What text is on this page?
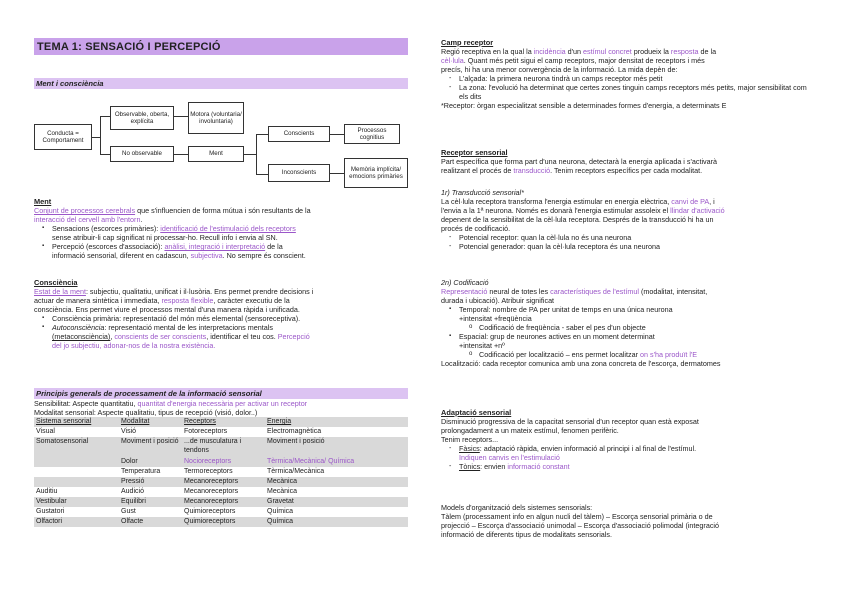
TEMA 1: SENSACIÓ I PERCEPCIÓ
Ment i consciència
Conducta = Comportament
Observable, oberta, explícita
No observable
Motora (voluntaria/ involuntaria)
Ment
Conscients
Inconscients
Processos cognitius
Memòria implícita/ emocions primàries
Ment
Conjunt de processos cerebrals que s'influencien de forma mútua i són resultants de la
interacció del cervell amb l'entorn.
▪ Sensacions (escorces primàries): identificació de l'estimulació dels receptors
sense atribuir-li cap significat ni processar-ho. Recull info i envia al SN.
▪ Percepció (escorces d'associació): anàlisi, integració i interpretació de la
informació sensorial, diferent en cadascun, subjectiva. No sempre és conscient.
Consciència
Estat de la ment: subjectiu, qualitatiu, unificat i il·lusòria. Ens permet prendre decisions i
actuar de manera sintètica i immediata, resposta flexible, caràcter executiu de la
consciència. Ens permet viure el processos mental d'una manera ràpida i unificada.
▪ Consciència primària: representació del món més elemental (sensoreceptiva).
▪ Autoconsciència: representació mental de les interpretacions mentals
(metaconsciència), conscients de ser conscients, identificar el teu cos. Percepció
del jo subjectiu, adonar-nos de la nostra existència.
Principis generals de processament de la informació sensorial
Sensibilitat: Aspecte quantitatiu, quantitat d'energia necessària per activar un receptor
Modalitat sensorial: Aspecte qualitatiu, tipus de recepció (visió, dolor..)
Sistema sensorial	Modalitat	Receptors	Energia
Visual	Visió	Fotoreceptors	Electromagnètica
Somatosensorial	Moviment i posició	...de musculatura i tendons	Moviment i posició
	Dolor	Nocioreceptors	Tèrmica/Mecànica/ Química
	Temperatura	Termoreceptors	Tèrmica/Mecànica
	Pressió	Mecanoreceptors	Mecànica
Auditiu	Audició	Mecanoreceptors	Mecànica
Vestibular	Equilibri	Mecanoreceptors	Gravetat
Gustatori	Gust	Quimioreceptors	Química
Olfactori	Olfacte	Quimioreceptors	Química
Camp receptor
Regió receptiva en la qual la incidència d'un estímul concret produeix la resposta de la
cèl·lula. Quant més petit sigui el camp receptors, major densitat de receptors i més
precís, hi ha una menor convergència de la informació. La mida depèn de:
- L'alçada: la primera neurona tindrà un camps receptor més petit
- La zona: l'evolució ha determinat que certes zones tinguin camps receptors més petits, major sensibilitat com els dits
*Receptor: òrgan especialitzat sensible a determinades formes d'energia, a determinats E
Receptor sensorial
Part específica que forma part d'una neurona, detectarà la energia aplicada i s'activarà
realitzant el procés de transducció. Tenim receptors específics per cada modalitat.
1r) Transducció sensorial*
La cèl·lula receptora transforma l'energia estimular en energia elèctrica, canvi de PA, i
l'envia a la 1ª neurona. Només es donarà l'energia estimular assoleix el llindar d'activació
depenent de la sensibilitat de la cèl·lula receptora. Després de la transducció hi ha un
procés de codificació.
- Potencial receptor: quan la cèl·lula no és una neurona
- Potencial generador: quan la cèl·lula receptora és una neurona
2n) Codificació
Representació neural de totes les característiques de l'estímul (modalitat, intensitat,
durada i ubicació). Atribuir significat
▪ Temporal: nombre de PA per unitat de temps en una única neurona
+intensitat +freqüència
o Codificació de freqüència - saber el pes d'un objecte
▪ Espacial: grup de neurones actives en un moment determinat
+intensitat +nº
o Codificació per localització – ens permet localitzar on s'ha produït l'E
Localització: cada receptor comunica amb una zona concreta de l'escorça, dermatomes
Adaptació sensorial
Disminució progressiva de la capacitat sensorial d'un receptor quan està exposat
prolongadament a un mateix estímul, fenomen perifèric.
Tenim receptors...
- Fàsics: adaptació ràpida, envien informació al principi i al final de l'estímul.
Indiquen canvis en l'estimulació
- Tònics: envien informació constant
Models d'organització dels sistemes sensorials:
Tàlem (processament info en algun nucli del tàlem) – Escorça sensorial primària o de
projecció – Escorça d'associació unimodal – Escorça d'associació polimodal (integració
informació de diferents tipus de modalitats sensorials.
